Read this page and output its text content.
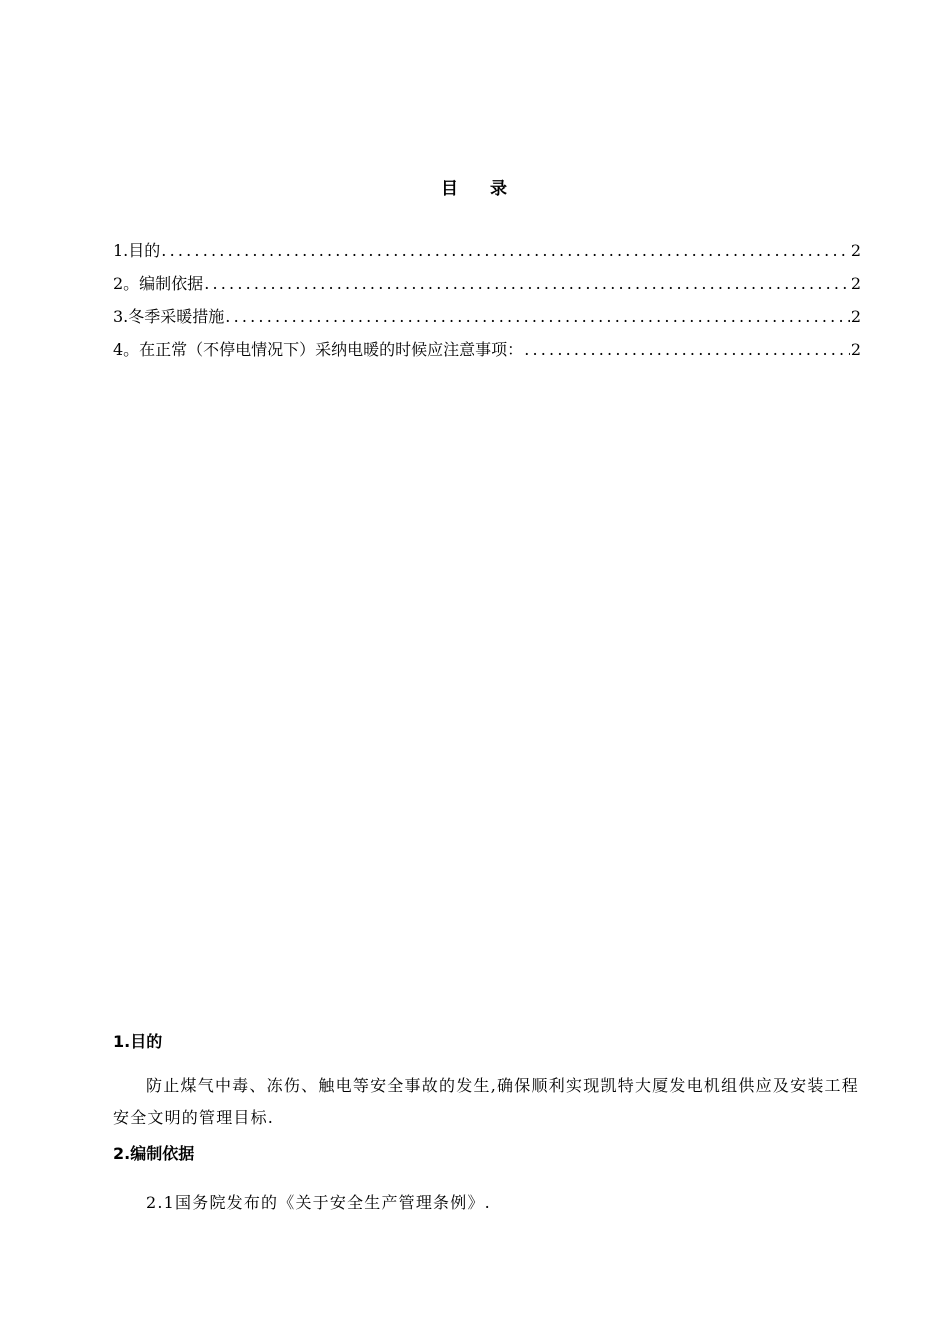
目 录
1.目的 .....	2
2。编制依据 .....	2
3.冬季采暖措施 .....	2
4。在正常（不停电情况下）采纳电暖的时候应注意事项： .....	2
1.目的
防止煤气中毒、冻伤、触电等安全事故的发生,确保顺利实现凯特大厦发电机组供应及安装工程安全文明的管理目标.
2.编制依据
2.1国务院发布的《关于安全生产管理条例》.
